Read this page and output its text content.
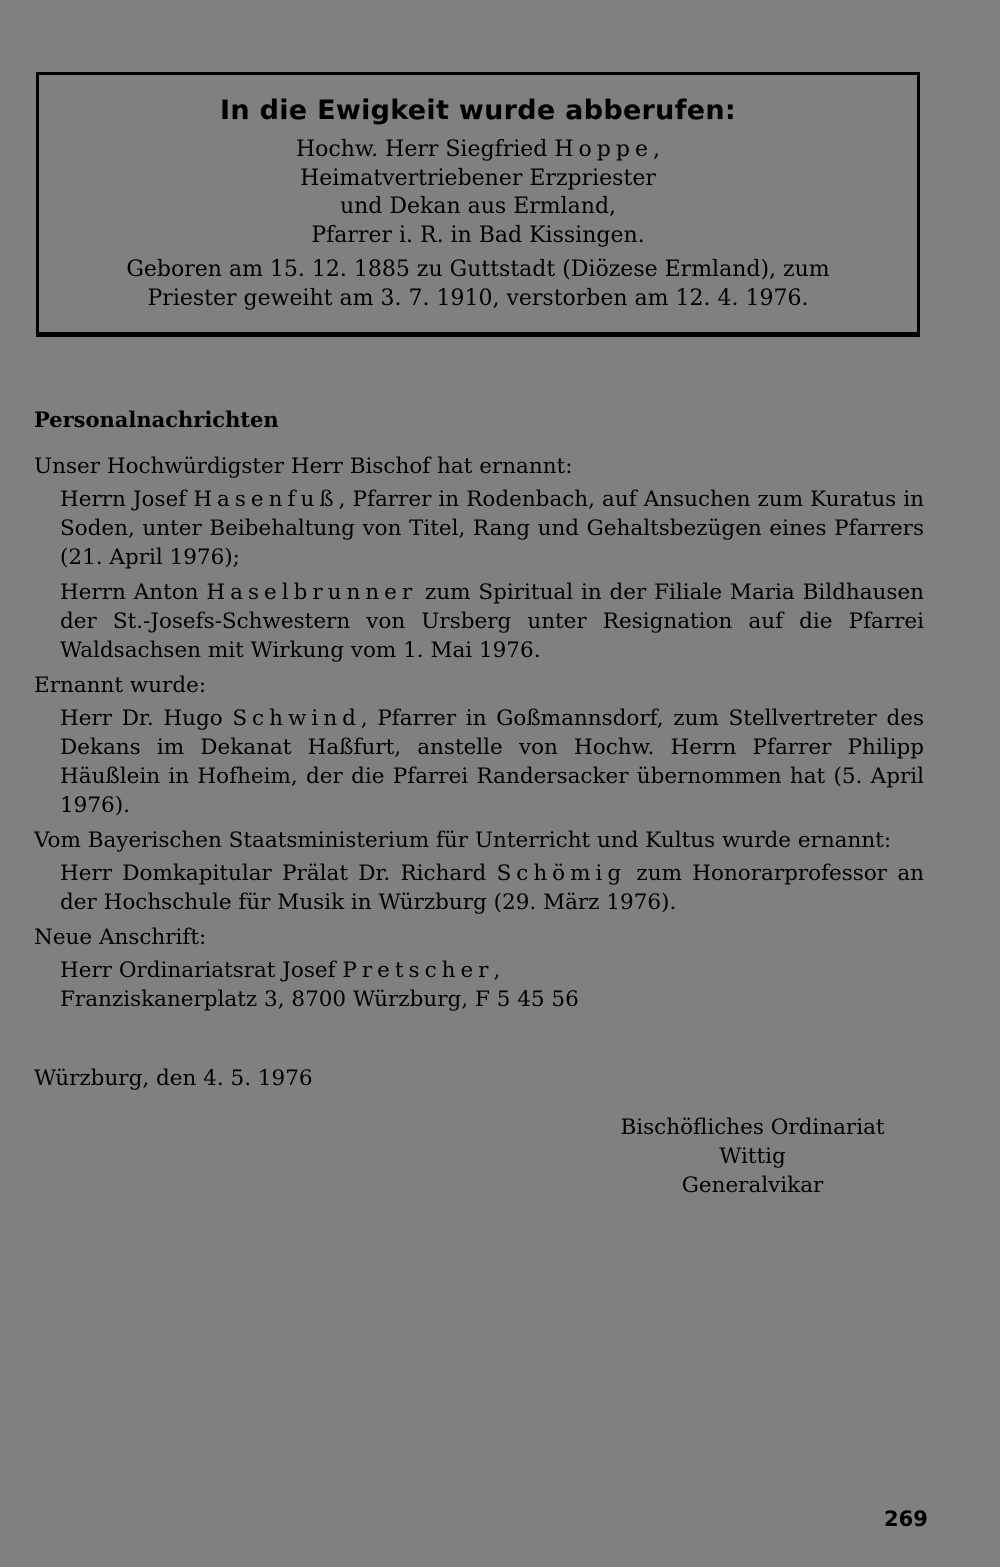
In die Ewigkeit wurde abberufen:
Hochw. Herr Siegfried Hoppe,
Heimatvertriebener Erzpriester
und Dekan aus Ermland,
Pfarrer i. R. in Bad Kissingen.
Geboren am 15. 12. 1885 zu Guttstadt (Diözese Ermland), zum
Priester geweiht am 3. 7. 1910, verstorben am 12. 4. 1976.
Personalnachrichten

Unser Hochwürdigster Herr Bischof hat ernannt:

Herrn Josef Hasenfuß, Pfarrer in Rodenbach, auf Ansuchen zum Kuratus in Soden, unter Beibehaltung von Titel, Rang und Gehaltsbezügen eines Pfarrers (21. April 1976);

Herrn Anton Haselbrunner zum Spiritual in der Filiale Maria Bildhausen der St.-Josefs-Schwestern von Ursberg unter Resignation auf die Pfarrei Waldsachsen mit Wirkung vom 1. Mai 1976.

Ernannt wurde:

Herr Dr. Hugo Schwind, Pfarrer in Goßmannsdorf, zum Stellvertreter des Dekans im Dekanat Haßfurt, anstelle von Hochw. Herrn Pfarrer Philipp Häußlein in Hofheim, der die Pfarrei Randersacker übernommen hat (5. April 1976).

Vom Bayerischen Staatsministerium für Unterricht und Kultus wurde ernannt:

Herr Domkapitular Prälat Dr. Richard Schömig zum Honorarprofessor an der Hochschule für Musik in Würzburg (29. März 1976).

Neue Anschrift:

Herr Ordinariatsrat Josef Pretscher,
Franziskanerplatz 3, 8700 Würzburg, F 5 45 56

Würzburg, den 4. 5. 1976
Bischöfliches Ordinariat
Wittig
Generalvikar
269
